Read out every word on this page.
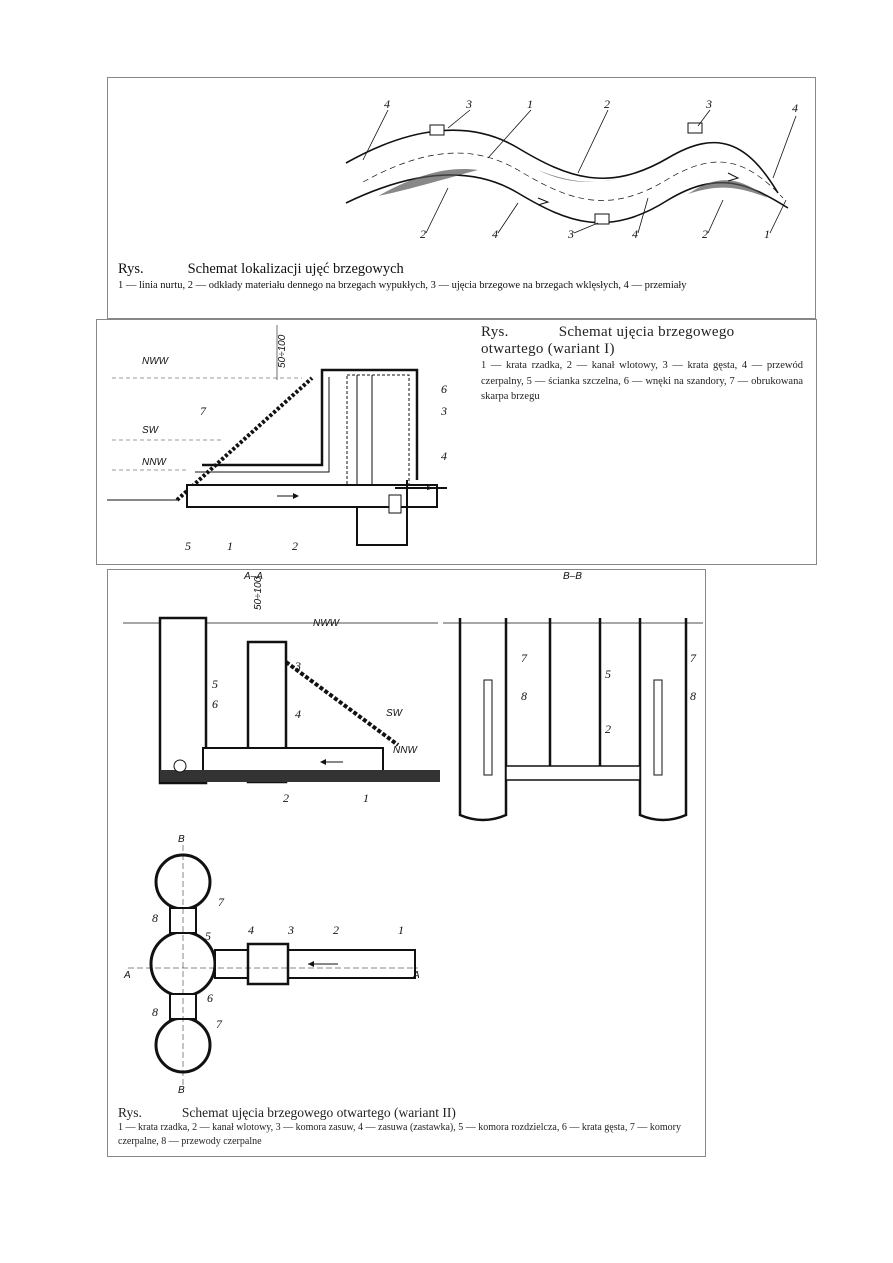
4	3	1	2	3	4
2	4	3	4	2	1
Rys.	Schemat lokalizacji ujęć brzegowych
1 — linia nurtu, 2 — odkłady materiału dennego na brzegach wypukłych, 3 — ujęcia brzegowe na brzegach wklęsłych, 4 — przemiały
50÷100
NWW
SW
NNW
7
6
3
4
5	1	2
Rys.	Schemat ujęcia brzegowego
otwartego (wariant I)
1 — krata rzadka, 2 — kanał wlotowy, 3 — krata gęsta, 4 — przewód czerpalny, 5 — ścianka szczelna, 6 — wnęki na szandory, 7 — obrukowana skarpa brzegu
A–A	B–B
50÷100
NWW
SW
NNW
3
4
5
6
2	1
7
8
5
2
7
8
B
B
A	A
8
7
5	4	3	2	1
6
7
8
Rys.	Schemat ujęcia brzegowego otwartego (wariant II)
1 — krata rzadka, 2 — kanał wlotowy, 3 — komora zasuw, 4 — zasuwa (zastawka), 5 — komora rozdzielcza, 6 — krata gęsta, 7 — komory czerpalne, 8 — przewody czerpalne
